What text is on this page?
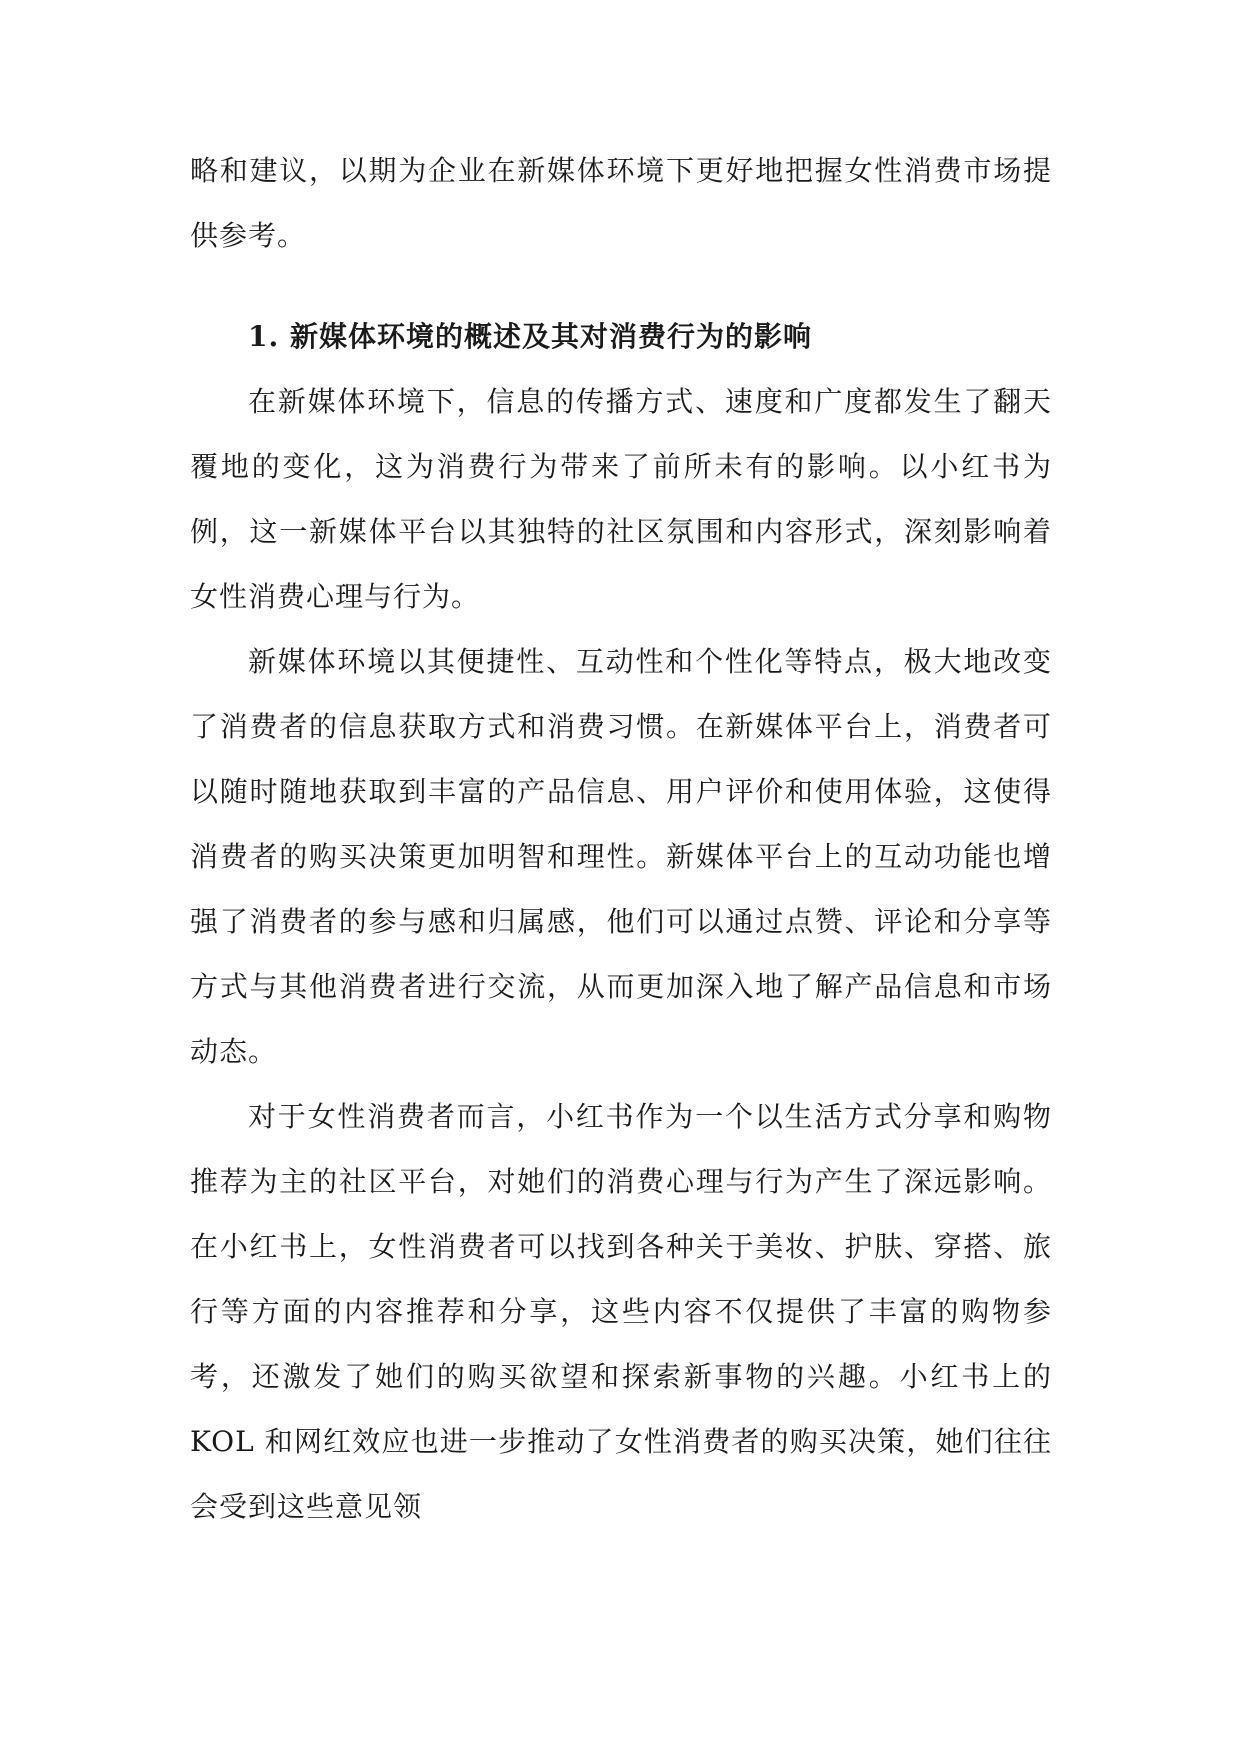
略和建议，以期为企业在新媒体环境下更好地把握女性消费市场提供参考。

1. 新媒体环境的概述及其对消费行为的影响

在新媒体环境下，信息的传播方式、速度和广度都发生了翻天覆地的变化，这为消费行为带来了前所未有的影响。以小红书为例，这一新媒体平台以其独特的社区氛围和内容形式，深刻影响着女性消费心理与行为。

新媒体环境以其便捷性、互动性和个性化等特点，极大地改变了消费者的信息获取方式和消费习惯。在新媒体平台上，消费者可以随时随地获取到丰富的产品信息、用户评价和使用体验，这使得消费者的购买决策更加明智和理性。新媒体平台上的互动功能也增强了消费者的参与感和归属感，他们可以通过点赞、评论和分享等方式与其他消费者进行交流，从而更加深入地了解产品信息和市场动态。

对于女性消费者而言，小红书作为一个以生活方式分享和购物推荐为主的社区平台，对她们的消费心理与行为产生了深远影响。在小红书上，女性消费者可以找到各种关于美妆、护肤、穿搭、旅行等方面的内容推荐和分享，这些内容不仅提供了丰富的购物参考，还激发了她们的购买欲望和探索新事物的兴趣。小红书上的 KOL 和网红效应也进一步推动了女性消费者的购买决策，她们往往会受到这些意见领
